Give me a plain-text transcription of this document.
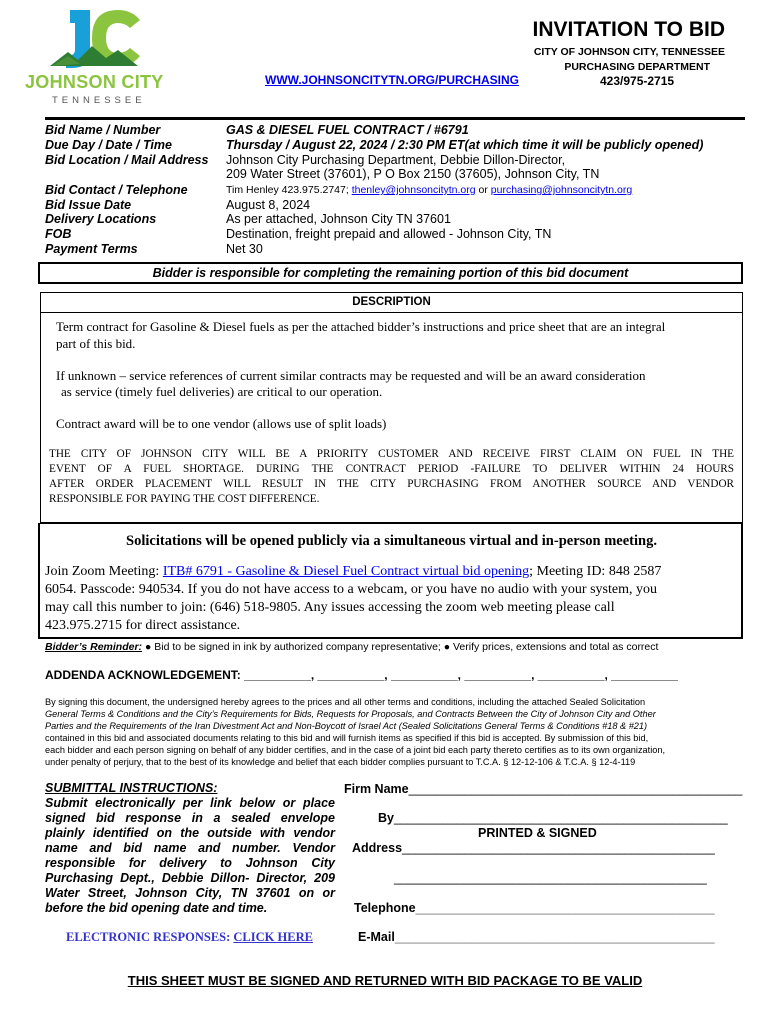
JOHNSON CITY
TENNESSEE
INVITATION TO BID
CITY OF JOHNSON CITY, TENNESSEE
PURCHASING DEPARTMENT
WWW.JOHNSONCITYTN.ORG/PURCHASING	423/975-2715
Bid Name / Number	GAS & DIESEL FUEL CONTRACT / #6791
Due Day / Date / Time	Thursday / August 22, 2024 / 2:30 PM ET(at which time it will be publicly opened)
Bid Location / Mail Address Johnson City Purchasing Department, Debbie Dillon-Director,
209 Water Street (37601), P O Box 2150 (37605), Johnson City, TN
Bid Contact / Telephone	Tim Henley 423.975.2747; thenley@johnsoncitytn.org or purchasing@johnsoncitytn.org
Bid Issue Date	August 8, 2024
Delivery Locations	As per attached, Johnson City TN 37601
FOB	Destination, freight prepaid and allowed - Johnson City, TN
Payment Terms	Net 30
Bidder is responsible for completing the remaining portion of this bid document
DESCRIPTION
Term contract for Gasoline & Diesel fuels as per the attached bidder’s instructions and price sheet that are an integral
part of this bid.
If unknown – service references of current similar contracts may be requested and will be an award consideration
as service (timely fuel deliveries) are critical to our operation.
Contract award will be to one vendor (allows use of split loads)
THE CITY OF JOHNSON CITY WILL BE A PRIORITY CUSTOMER AND RECEIVE FIRST CLAIM ON FUEL IN THE
EVENT OF A FUEL SHORTAGE. DURING THE CONTRACT PERIOD -FAILURE TO DELIVER WITHIN 24 HOURS
AFTER ORDER PLACEMENT WILL RESULT IN THE CITY PURCHASING FROM ANOTHER SOURCE AND VENDOR
RESPONSIBLE FOR PAYING THE COST DIFFERENCE.
Solicitations will be opened publicly via a simultaneous virtual and in-person meeting.
Join Zoom Meeting: ITB# 6791 - Gasoline & Diesel Fuel Contract virtual bid opening; Meeting ID: 848 2587
6054. Passcode: 940534. If you do not have access to a webcam, or you have no audio with your system, you
may call this number to join: (646) 518-9805. Any issues accessing the zoom web meeting please call
423.975.2715 for direct assistance.
Bidder’s Reminder: ● Bid to be signed in ink by authorized company representative; ● Verify prices, extensions and total as correct
ADDENDA ACKNOWLEDGEMENT: __________, __________, __________, __________, __________, __________
By signing this document, the undersigned hereby agrees to the prices and all other terms and conditions, including the attached Sealed Solicitation
General Terms & Conditions and the City’s Requirements for Bids, Requests for Proposals, and Contracts Between the City of Johnson City and Other
Parties and the Requirements of the Iran Divestment Act and Non-Boycott of Israel Act (Sealed Solicitations General Terms & Conditions #18 & #21)
contained in this bid and associated documents relating to this bid and will furnish items as specified if this bid is accepted. By submission of this bid,
each bidder and each person signing on behalf of any bidder certifies, and in the case of a joint bid each party thereto certifies as to its own organization,
under penalty of perjury, that to the best of its knowledge and belief that each bidder complies pursuant to T.C.A. § 12-12-106 & T.C.A. § 12-4-119
SUBMITTAL INSTRUCTIONS:
Submit electronically per link below or place
signed bid response in a sealed envelope
plainly identified on the outside with vendor
name and bid name and number. Vendor
responsible for delivery to Johnson City
Purchasing Dept., Debbie Dillon- Director, 209
Water Street, Johnson City, TN 37601 on or
before the bid opening date and time.
ELECTRONIC RESPONSES: CLICK HERE
Firm Name________________________________________________
By________________________________________________
PRINTED & SIGNED
Address_____________________________________________
_____________________________________________
Telephone___________________________________________
E-Mail______________________________________________
THIS SHEET MUST BE SIGNED AND RETURNED WITH BID PACKAGE TO BE VALID
